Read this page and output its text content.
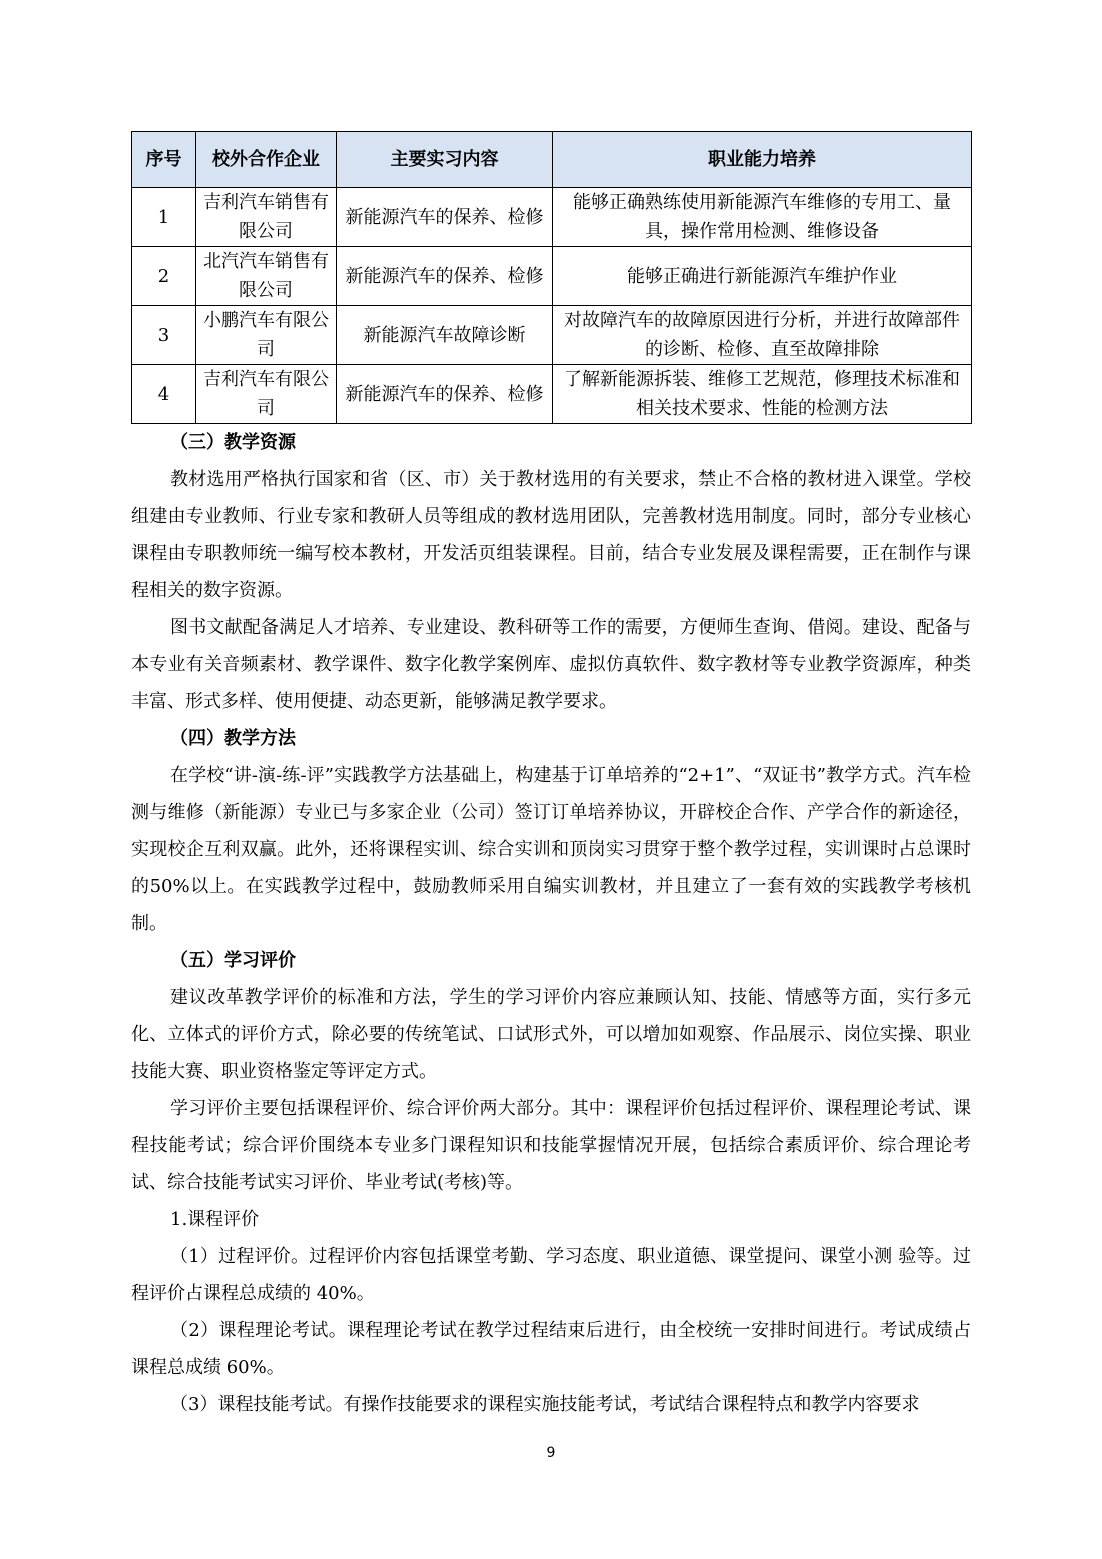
序号	校外合作企业	主要实习内容	职业能力培养
1	吉利汽车销售有限公司	新能源汽车的保养、检修	能够正确熟练使用新能源汽车维修的专用工、量具，操作常用检测、维修设备
2	北汽汽车销售有限公司	新能源汽车的保养、检修	能够正确进行新能源汽车维护作业
3	小鹏汽车有限公司	新能源汽车故障诊断	对故障汽车的故障原因进行分析，并进行故障部件的诊断、检修、直至故障排除
4	吉利汽车有限公司	新能源汽车的保养、检修	了解新能源拆装、维修工艺规范，修理技术标准和相关技术要求、性能的检测方法

（三）教学资源

教材选用严格执行国家和省（区、市）关于教材选用的有关要求，禁止不合格的教材进入课堂。学校组建由专业教师、行业专家和教研人员等组成的教材选用团队，完善教材选用制度。同时，部分专业核心课程由专职教师统一编写校本教材，开发活页组装课程。目前，结合专业发展及课程需要，正在制作与课程相关的数字资源。

图书文献配备满足人才培养、专业建设、教科研等工作的需要，方便师生查询、借阅。建设、配备与本专业有关音频素材、教学课件、数字化教学案例库、虚拟仿真软件、数字教材等专业教学资源库，种类丰富、形式多样、使用便捷、动态更新，能够满足教学要求。

（四）教学方法

在学校“讲-演-练-评”实践教学方法基础上，构建基于订单培养的“2+1”、“双证书”教学方式。汽车检测与维修（新能源）专业已与多家企业（公司）签订订单培养协议，开辟校企合作、产学合作的新途径，实现校企互利双赢。此外，还将课程实训、综合实训和顶岗实习贯穿于整个教学过程，实训课时占总课时的50%以上。在实践教学过程中，鼓励教师采用自编实训教材，并且建立了一套有效的实践教学考核机制。

（五）学习评价

建议改革教学评价的标准和方法，学生的学习评价内容应兼顾认知、技能、情感等方面，实行多元化、立体式的评价方式，除必要的传统笔试、口试形式外，可以增加如观察、作品展示、岗位实操、职业技能大赛、职业资格鉴定等评定方式。

学习评价主要包括课程评价、综合评价两大部分。其中：课程评价包括过程评价、课程理论考试、课程技能考试；综合评价围绕本专业多门课程知识和技能掌握情况开展，包括综合素质评价、综合理论考试、综合技能考试实习评价、毕业考试(考核)等。

1.课程评价

（1）过程评价。过程评价内容包括课堂考勤、学习态度、职业道德、课堂提问、课堂小测 验等。过程评价占课程总成绩的 40%。

（2）课程理论考试。课程理论考试在教学过程结束后进行，由全校统一安排时间进行。考试成绩占课程总成绩 60%。

（3）课程技能考试。有操作技能要求的课程实施技能考试，考试结合课程特点和教学内容要求

9
